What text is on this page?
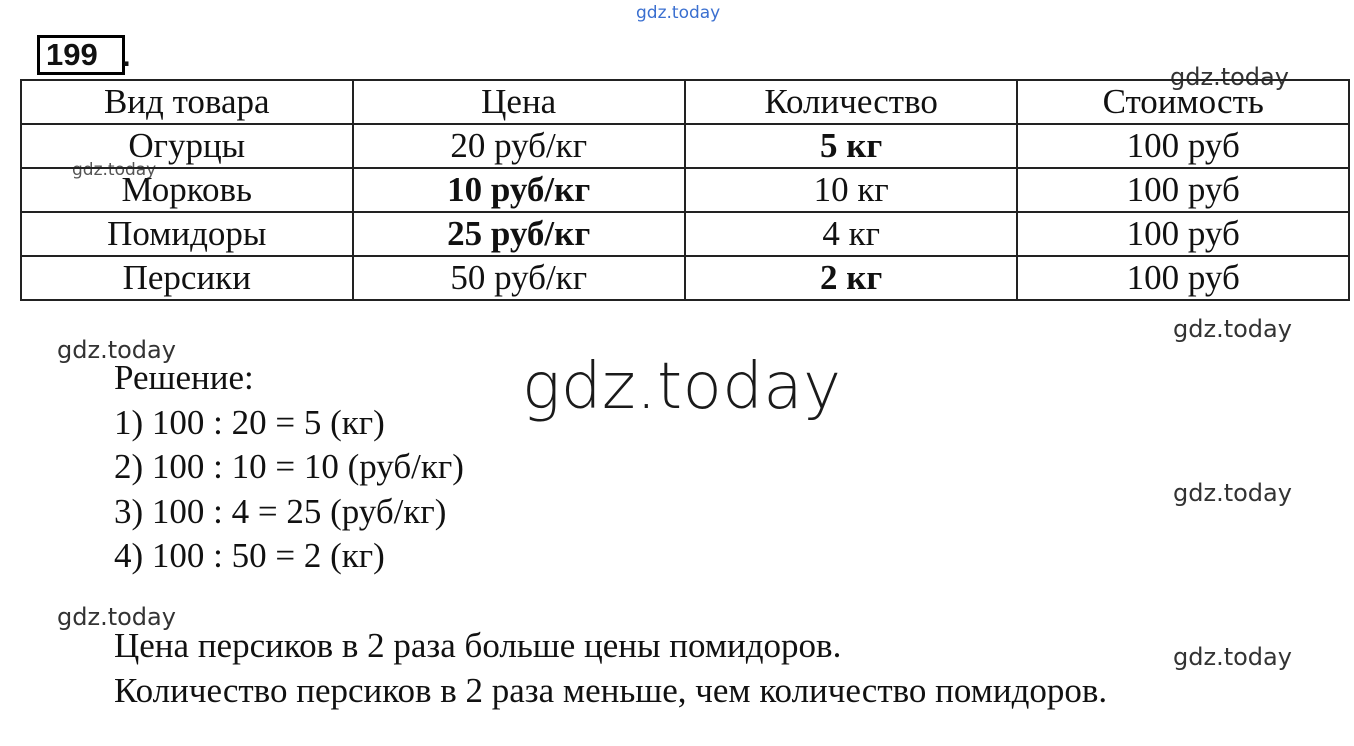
gdz.today
gdz.today
gdz.today
gdz.today
gdz.today	gdz.today
gdz.today
gdz.today
gdz.today
199 .
Вид товара	Цена	Количество	Стоимость
Огурцы	20 руб/кг	5 кг	100 руб
Морковь	10 руб/кг	10 кг	100 руб
Помидоры	25 руб/кг	4 кг	100 руб
Персики	50 руб/кг	2 кг	100 руб
Решение:
1) 100 : 20 = 5 (кг)
2) 100 : 10 = 10 (руб/кг)
3) 100 : 4 = 25 (руб/кг)
4) 100 : 50 = 2 (кг)
Цена персиков в 2 раза больше цены помидоров.
Количество персиков в 2 раза меньше, чем количество помидоров.
